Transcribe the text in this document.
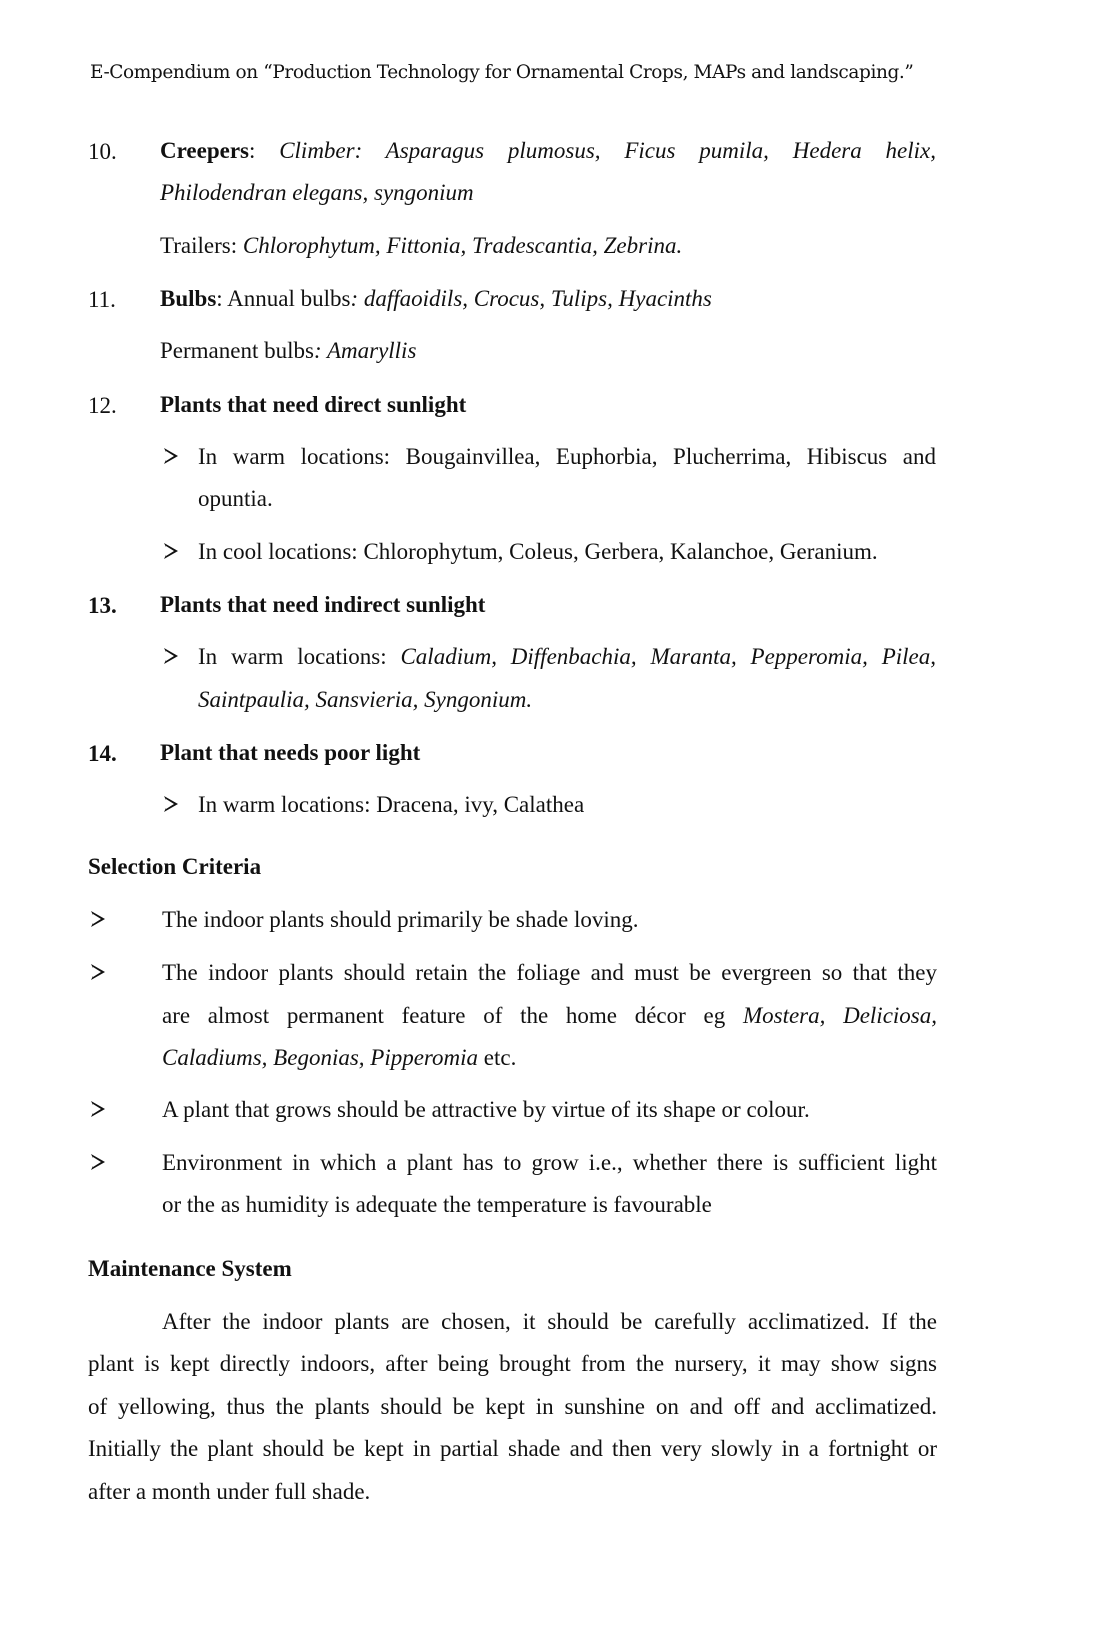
E-Compendium on “Production Technology for Ornamental Crops, MAPs and landscaping.”
10. Creepers: Climber: Asparagus plumosus, Ficus pumila, Hedera helix,
Philodendran elegans, syngonium
Trailers: Chlorophytum, Fittonia, Tradescantia, Zebrina.
11. Bulbs: Annual bulbs: daffaoidils, Crocus, Tulips, Hyacinths
Permanent bulbs: Amaryllis
12. Plants that need direct sunlight
In warm locations: Bougainvillea, Euphorbia, Plucherrima, Hibiscus and
opuntia.
In cool locations: Chlorophytum, Coleus, Gerbera, Kalanchoe, Geranium.
13. Plants that need indirect sunlight
In warm locations: Caladium, Diffenbachia, Maranta, Pepperomia, Pilea,
Saintpaulia, Sansvieria, Syngonium.
14. Plant that needs poor light
In warm locations: Dracena, ivy, Calathea
Selection Criteria
The indoor plants should primarily be shade loving.
The indoor plants should retain the foliage and must be evergreen so that they
are almost permanent feature of the home décor eg Mostera, Deliciosa,
Caladiums, Begonias, Pipperomia etc.
A plant that grows should be attractive by virtue of its shape or colour.
Environment in which a plant has to grow i.e., whether there is sufficient light
or the as humidity is adequate the temperature is favourable
Maintenance System
After the indoor plants are chosen, it should be carefully acclimatized. If the
plant is kept directly indoors, after being brought from the nursery, it may show signs
of yellowing, thus the plants should be kept in sunshine on and off and acclimatized.
Initially the plant should be kept in partial shade and then very slowly in a fortnight or
after a month under full shade.
